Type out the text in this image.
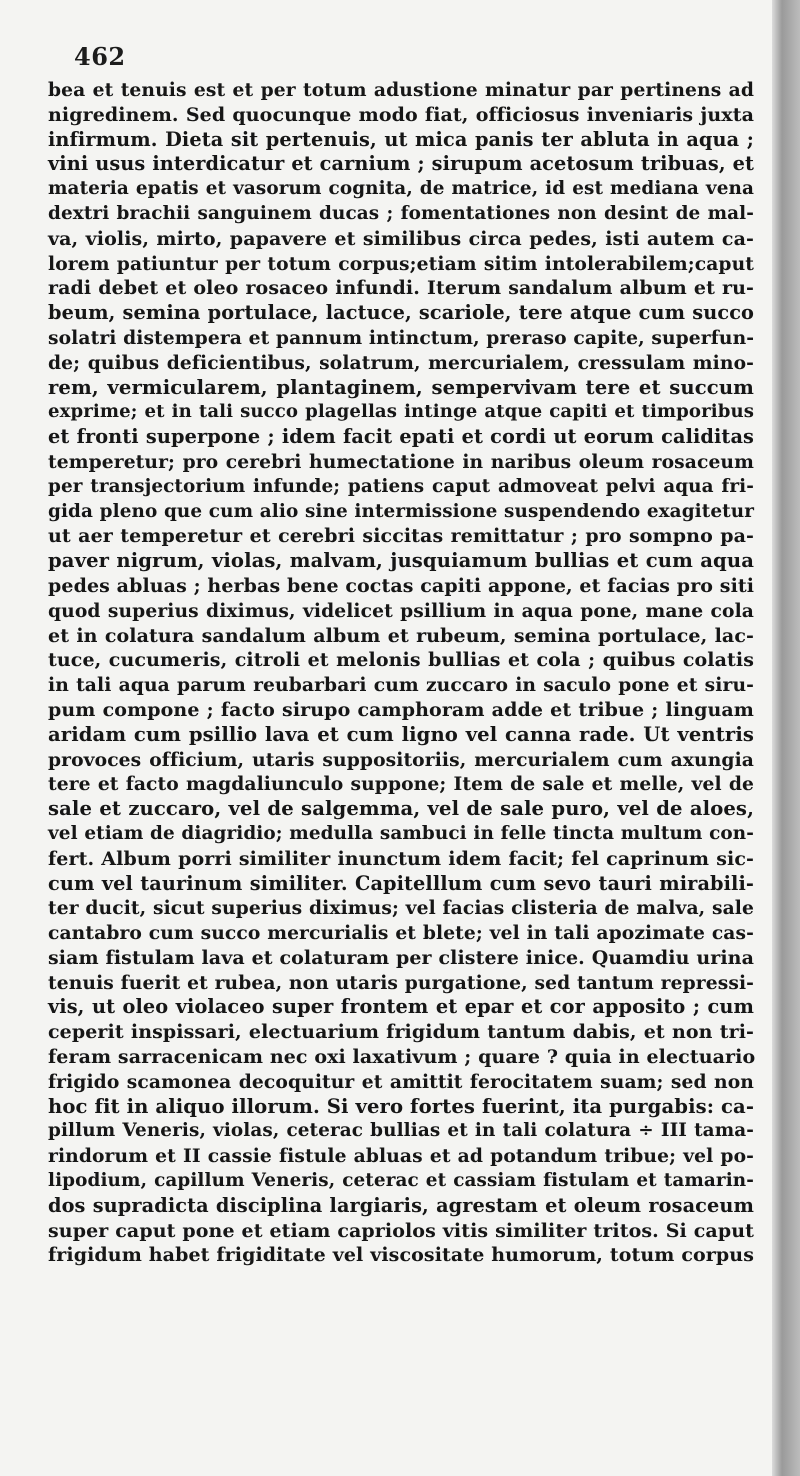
462
bea et tenuis est et per totum adustione minatur par pertinens ad
nigredinem. Sed quocunque modo fiat, officiosus inveniaris juxta
infirmum. Dieta sit pertenuis, ut mica panis ter abluta in aqua ;
vini usus interdicatur et carnium ; sirupum acetosum tribuas, et
materia epatis et vasorum cognita, de matrice, id est mediana vena
dextri brachii sanguinem ducas ; fomentationes non desint de mal-
va, violis, mirto, papavere et similibus circa pedes, isti autem ca-
lorem patiuntur per totum corpus;etiam sitim intolerabilem;caput
radi debet et oleo rosaceo infundi. Iterum sandalum album et ru-
beum, semina portulace, lactuce, scariole, tere atque cum succo
solatri distempera et pannum intinctum, preraso capite, superfun-
de; quibus deficientibus, solatrum, mercurialem, cressulam mino-
rem, vermicularem, plantaginem, sempervivam tere et succum
exprime; et in tali succo plagellas intinge atque capiti et timporibus
et fronti superpone ; idem facit epati et cordi ut eorum caliditas
temperetur; pro cerebri humectatione in naribus oleum rosaceum
per transjectorium infunde; patiens caput admoveat pelvi aqua fri-
gida pleno que cum alio sine intermissione suspendendo exagitetur
ut aer temperetur et cerebri siccitas remittatur ; pro sompno pa-
paver nigrum, violas, malvam, jusquiamum bullias et cum aqua
pedes abluas ; herbas bene coctas capiti appone, et facias pro siti
quod superius diximus, videlicet psillium in aqua pone, mane cola
et in colatura sandalum album et rubeum, semina portulace, lac-
tuce, cucumeris, citroli et melonis bullias et cola ; quibus colatis
in tali aqua parum reubarbari cum zuccaro in saculo pone et siru-
pum compone ; facto sirupo camphoram adde et tribue ; linguam
aridam cum psillio lava et cum ligno vel canna rade. Ut ventris
provoces officium, utaris suppositoriis, mercurialem cum axungia
tere et facto magdaliunculo suppone; Item de sale et melle, vel de
sale et zuccaro, vel de salgemma, vel de sale puro, vel de aloes,
vel etiam de diagridio; medulla sambuci in felle tincta multum con-
fert. Album porri similiter inunctum idem facit; fel caprinum sic-
cum vel taurinum similiter. Capitelllum cum sevo tauri mirabili-
ter ducit, sicut superius diximus; vel facias clisteria de malva, sale
cantabro cum succo mercurialis et blete; vel in tali apozimate cas-
siam fistulam lava et colaturam per clistere inice. Quamdiu urina
tenuis fuerit et rubea, non utaris purgatione, sed tantum repressi-
vis, ut oleo violaceo super frontem et epar et cor apposito ; cum
ceperit inspissari, electuarium frigidum tantum dabis, et non tri-
feram sarracenicam nec oxi laxativum ; quare ? quia in electuario
frigido scamonea decoquitur et amittit ferocitatem suam; sed non
hoc fit in aliquo illorum. Si vero fortes fuerint, ita purgabis: ca-
pillum Veneris, violas, ceterac bullias et in tali colatura ÷ III tama-
rindorum et II cassie fistule abluas et ad potandum tribue; vel po-
lipodium, capillum Veneris, ceterac et cassiam fistulam et tamarin-
dos supradicta disciplina largiaris, agrestam et oleum rosaceum
super caput pone et etiam capriolos vitis similiter tritos. Si caput
frigidum habet frigiditate vel viscositate humorum, totum corpus
